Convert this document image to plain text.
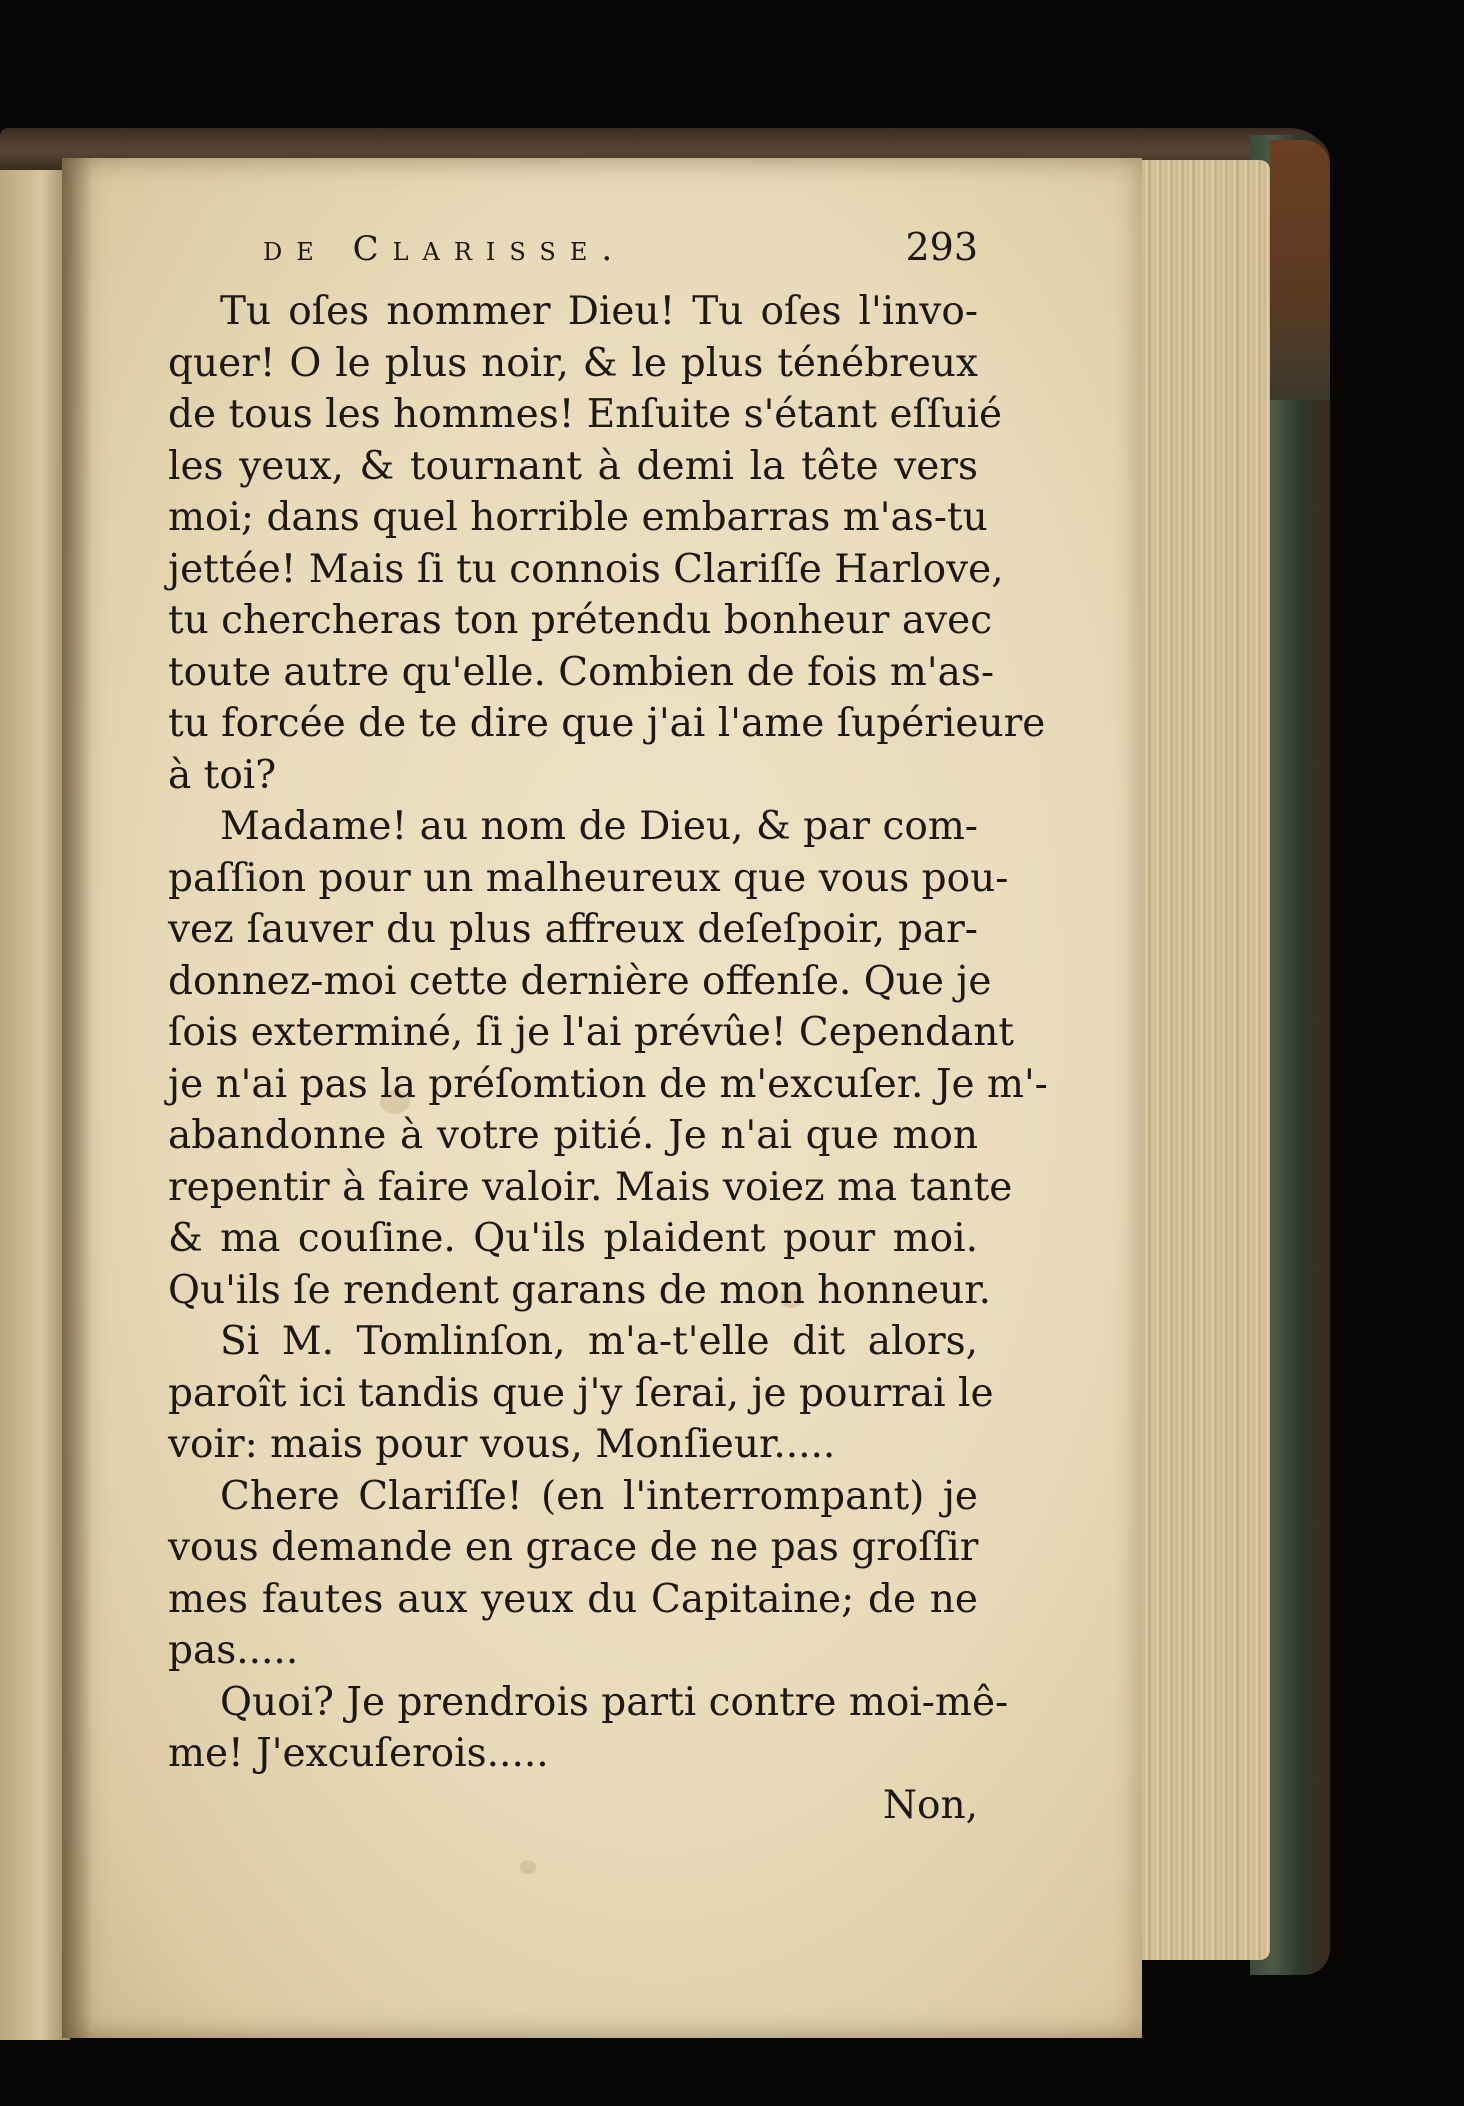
de Clarisse.	293
Tu oſes nommer Dieu! Tu oſes l'invo-
quer! O le plus noir, & le plus ténébreux
de tous les hommes! Enſuite s'étant eſſuié
les yeux, & tournant à demi la tête vers
moi; dans quel horrible embarras m'as-tu
jettée! Mais ſi tu connois Clariſſe Harlove,
tu chercheras ton prétendu bonheur avec
toute autre qu'elle. Combien de fois m'as-
tu forcée de te dire que j'ai l'ame ſupérieure
à toi?
Madame! au nom de Dieu, & par com-
paſſion pour un malheureux que vous pou-
vez ſauver du plus affreux deſeſpoir, par-
donnez-moi cette dernière offenſe. Que je
ſois exterminé, ſi je l'ai prévûe! Cependant
je n'ai pas la préſomtion de m'excuſer. Je m'-
abandonne à votre pitié. Je n'ai que mon
repentir à faire valoir. Mais voiez ma tante
& ma couſine. Qu'ils plaident pour moi.
Qu'ils ſe rendent garans de mon honneur.
Si M. Tomlinſon, m'a-t'elle dit alors,
paroît ici tandis que j'y ſerai, je pourrai le
voir: mais pour vous, Monſieur.....
Chere Clariſſe! (en l'interrompant) je
vous demande en grace de ne pas groſſir
mes fautes aux yeux du Capitaine; de ne
pas.....
Quoi? Je prendrois parti contre moi-mê-
me! J'excuſerois.....
Non,
